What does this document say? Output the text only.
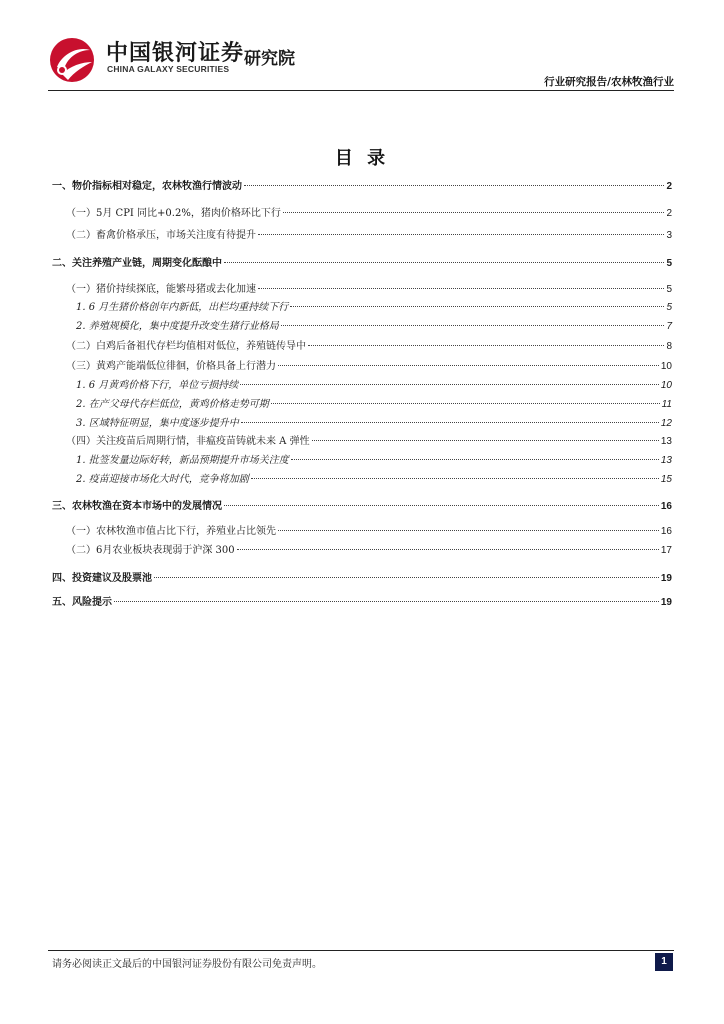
中国银河证券
CHINA GALAXY SECURITIES 研究院
行业研究报告/农林牧渔行业
目 录
一、物价指标相对稳定，农林牧渔行情波动	2
（一）5月 CPI 同比+0.2%，猪肉价格环比下行	2
（二）畜禽价格承压，市场关注度有待提升	3
二、关注养殖产业链，周期变化酝酿中	5
（一）猪价持续探底，能繁母猪或去化加速	5
1. 6 月生猪价格创年内新低，出栏均重持续下行	5
2. 养殖规模化，集中度提升改变生猪行业格局	7
（二）白鸡后备祖代存栏均值相对低位，养殖链传导中	8
（三）黄鸡产能端低位徘徊，价格具备上行潜力	10
1. 6 月黄鸡价格下行，单位亏损持续	10
2. 在产父母代存栏低位，黄鸡价格走势可期	11
3. 区域特征明显，集中度逐步提升中	12
（四）关注疫苗后周期行情，非瘟疫苗铸就未来 A 弹性	13
1. 批签发量边际好转，新品预期提升市场关注度	13
2. 疫苗迎接市场化大时代，竞争将加剧	15
三、农林牧渔在资本市场中的发展情况	16
（一）农林牧渔市值占比下行，养殖业占比领先	16
（二）6月农业板块表现弱于沪深 300	17
四、投资建议及股票池	19
五、风险提示	19
请务必阅读正文最后的中国银河证券股份有限公司免责声明。	1
